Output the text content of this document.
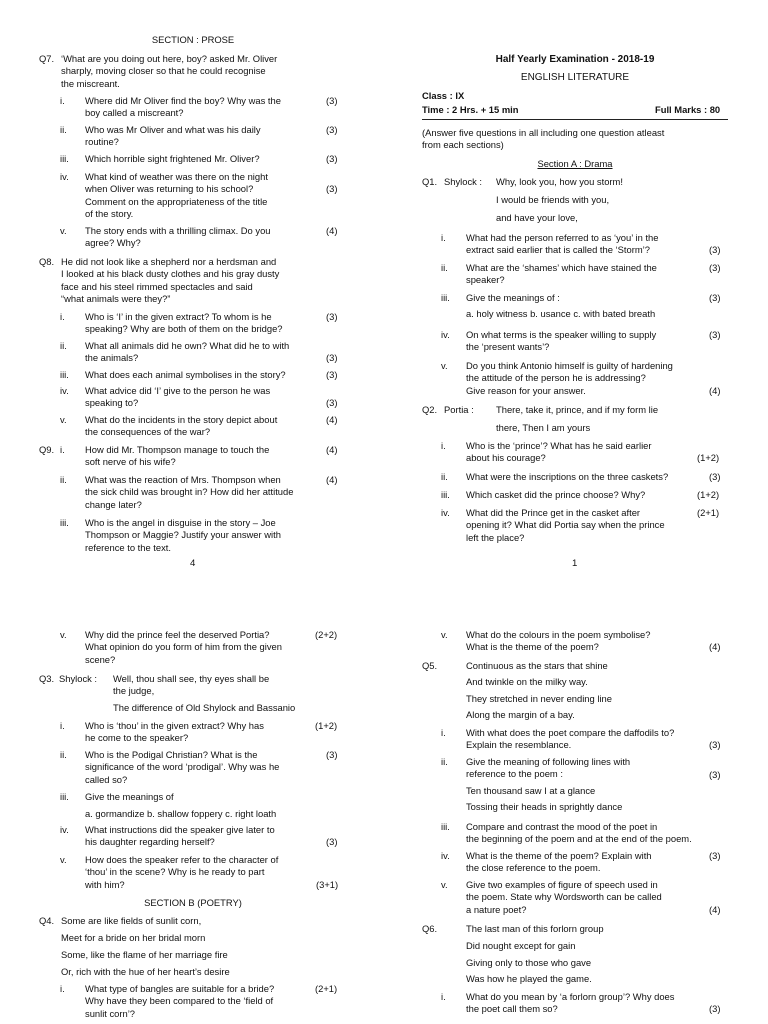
SECTION : PROSE
Q7. ‘What are you doing out here, boy? asked Mr. Oliver
sharply, moving closer so that he could recognise
the miscreant.
i. Where did Mr Oliver find the boy? Why was the
boy called a miscreant?
(3)
ii. Who was Mr Oliver and what was his daily
routine?
(3)
iii. Which horrible sight frightened Mr. Oliver?	(3)
iv. What kind of weather was there on the night
when Oliver was returning to his school?
Comment on the appropriateness of the title
of the story.
(3)
v. The story ends with a thrilling climax. Do you
agree? Why?
(4)
Q8. He did not look like a shepherd nor a herdsman and
I looked at his black dusty clothes and his gray dusty
face and his steel rimmed spectacles and said
“what animals were they?”
i. Who is ‘I’ in the given extract? To whom is he
speaking? Why are both of them on the bridge?
(3)
ii. What all animals did he own? What did he to with
the animals?	(3)
iii. What does each animal symbolises in the story?	(3)
iv. What advice did ‘I’ give to the person he was
speaking to?	(3)
v. What do the incidents in the story depict about
the consequences of the war?
(4)
Q9. i. How did Mr. Thompson manage to touch the
soft nerve of his wife?
(4)
ii. What was the reaction of Mrs. Thompson when
the sick child was brought in? How did her attitude
change later?
(4)
iii. Who is the angel in disguise in the story – Joe
Thompson or Maggie? Justify your answer with
reference to the text.
4
Half Yearly Examination - 2018-19
ENGLISH LITERATURE
Class : IX
Time : 2 Hrs. + 15 min	Full Marks : 80
(Answer five questions in all including one question atleast
from each sections)
Section A : Drama
Q1. Shylock : Why, look you, how you storm!
I would be friends with you,
and have your love,
i. What had the person referred to as ‘you’ in the
extract said earlier that is called the ‘Storm’?	(3)
ii. What are the ‘shames’ which have stained the
speaker?
(3)
iii. Give the meanings of :
a. holy witness b. usance c. with bated breath
(3)
iv. On what terms is the speaker willing to supply
the ‘present wants’?
(3)
v. Do you think Antonio himself is guilty of hardening
the attitude of the person he is addressing?
Give reason for your answer.	(4)
Q2. Portia : There, take it, prince, and if my form lie
there, Then I am yours
i. Who is the ‘prince’? What has he said earlier
about his courage?	(1+2)
ii. What were the inscriptions on the three caskets?	(3)
iii. Which casket did the prince choose? Why?	(1+2)
iv. What did the Prince get in the casket after
opening it? What did Portia say when the prince
left the place?
(2+1)
1
v. Why did the prince feel the deserved Portia?
What opinion do you form of him from the given
scene?
(2+2)
Q3. Shylock : Well, thou shall see, thy eyes shall be
the judge,
The difference of Old Shylock and Bassanio
i. Who is ‘thou’ in the given extract? Why has
he come to the speaker?
(1+2)
ii. Who is the Podigal Christian? What is the
significance of the word ‘prodigal’. Why was he
called so?
(3)
iii. Give the meanings of
a. gormandize b. shallow foppery c. right loath
iv. What instructions did the speaker give later to
his daughter regarding herself?	(3)
v. How does the speaker refer to the character of
‘thou’ in the scene? Why is he ready to part
with him?	(3+1)
SECTION B (POETRY)
Q4. Some are like fields of sunlit corn,
Meet for a bride on her bridal morn
Some, like the flame of her marriage fire
Or, rich with the hue of her heart’s desire
i. What type of bangles are suitable for a bride?
Why have they been compared to the ‘field of
sunlit corn’?
(2+1)
v. What do the colours in the poem symbolise?
What is the theme of the poem?	(4)
Q5.	Continuous as the stars that shine
And twinkle on the milky way.
They stretched in never ending line
Along the margin of a bay.
i. With what does the poet compare the daffodils to?
Explain the resemblance.	(3)
ii. Give the meaning of following lines with
reference to the poem :
Ten thousand saw I at a glance
Tossing their heads in sprightly dance
(3)
iii. Compare and contrast the mood of the poet in
the beginning of the poem and at the end of the poem.
iv. What is the theme of the poem? Explain with
the close reference to the poem.
(3)
v. Give two examples of figure of speech used in
the poem. State why Wordsworth can be called
a nature poet?	(4)
Q6.	The last man of this forlorn group
Did nought except for gain
Giving only to those who gave
Was how he played the game.
i. What do you mean by ‘a forlorn group’? Why does
the poet call them so?	(3)
